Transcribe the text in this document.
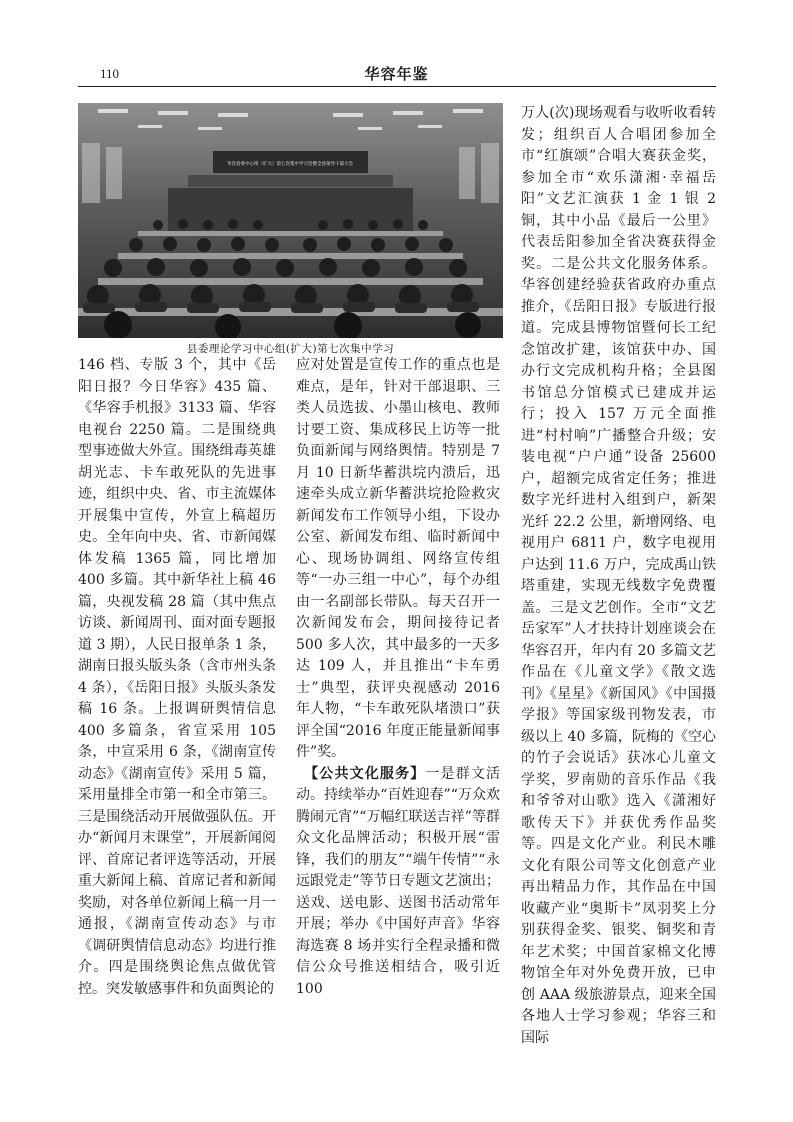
110	华容年鉴
华容县委中心组（扩大）第七次集中学习会暨全县领导干部大会
县委理论学习中心组(扩大)第七次集中学习

146 档、专版 3 个，其中《岳阳日报？今日华容》435 篇、《华容手机报》3133 篇、华容电视台 2250 篇。二是围绕典型事迹做大外宣。围绕缉毒英雄胡光志、卡车敢死队的先进事迹，组织中央、省、市主流媒体开展集中宣传，外宣上稿超历史。全年向中央、省、市新闻媒体发稿 1365 篇，同比增加 400 多篇。其中新华社上稿 46 篇，央视发稿 28 篇（其中焦点访谈、新闻周刊、面对面专题报道 3 期），人民日报单条 1 条，湖南日报头版头条（含市州头条 4 条），《岳阳日报》头版头条发稿 16 条。上报调研舆情信息 400 多篇条，省宣采用 105 条，中宣采用 6 条，《湖南宣传动态》《湖南宣传》采用 5 篇，采用量排全市第一和全市第三。三是围绕活动开展做强队伍。开办“新闻月末课堂”，开展新闻阅评、首席记者评选等活动，开展重大新闻上稿、首席记者和新闻奖励，对各单位新闻上稿一月一通报，《湖南宣传动态》与市《调研舆情信息动态》均进行推介。四是围绕舆论焦点做优管控。突发敏感事件和负面舆论的

应对处置是宣传工作的重点也是难点，是年，针对干部退职、三类人员选拔、小墨山核电、教师讨要工资、集成移民上访等一批负面新闻与网络舆情。特别是 7 月 10 日新华蓄洪垸内溃后，迅速牵头成立新华蓄洪垸抢险救灾新闻发布工作领导小组，下设办公室、新闻发布组、临时新闻中心、现场协调组、网络宣传组等“一办三组一中心”，每个办组由一名副部长带队。每天召开一次新闻发布会，期间接待记者 500 多人次，其中最多的一天多达 109 人，并且推出“卡车勇士”典型，获评央视感动 2016 年人物，“卡车敢死队堵溃口”获评全国“2016 年度正能量新闻事件”奖。

　【公共文化服务】一是群文活动。持续举办“百姓迎春”“万众欢腾闹元宵”“万幅红联送吉祥”等群众文化品牌活动；积极开展“雷锋，我们的朋友”“端午传情”“永远跟党走”等节日专题文艺演出；送戏、送电影、送图书活动常年开展；举办《中国好声音》华容海选赛 8 场并实行全程录播和微信公众号推送相结合，吸引近 100

万人(次)现场观看与收听收看转发；组织百人合唱团参加全市“红旗颂”合唱大赛获金奖，参加全市“欢乐潇湘·幸福岳阳”文艺汇演获 1 金 1 银 2 铜，其中小品《最后一公里》代表岳阳参加全省决赛获得金奖。二是公共文化服务体系。华容创建经验获省政府办重点推介，《岳阳日报》专版进行报道。完成县博物馆暨何长工纪念馆改扩建，该馆获中办、国办行文完成机构升格；全县图书馆总分馆模式已建成并运行；投入 157 万元全面推进“村村响”广播整合升级；安装电视“户户通”设备 25600 户，超额完成省定任务；推进数字光纤进村入组到户，新架光纤 22.2 公里，新增网络、电视用户 6811 户，数字电视用户达到 11.6 万户，完成禹山铁塔重建，实现无线数字免费覆盖。三是文艺创作。全市“文艺岳家军”人才扶持计划座谈会在华容召开，年内有 20 多篇文艺作品在《儿童文学》《散文选刊》《星星》《新国风》《中国摄学报》等国家级刊物发表，市级以上 40 多篇，阮梅的《空心的竹子会说话》获冰心儿童文学奖，罗南勋的音乐作品《我和爷爷对山歌》选入《潇湘好歌传天下》并获优秀作品奖等。四是文化产业。利民木雕文化有限公司等文化创意产业再出精品力作，其作品在中国收藏产业“奥斯卡”凤羽奖上分别获得金奖、银奖、铜奖和青年艺术奖；中国首家棉文化博物馆全年对外免费开放，已申创 AAA 级旅游景点，迎来全国各地人士学习参观；华容三和国际
